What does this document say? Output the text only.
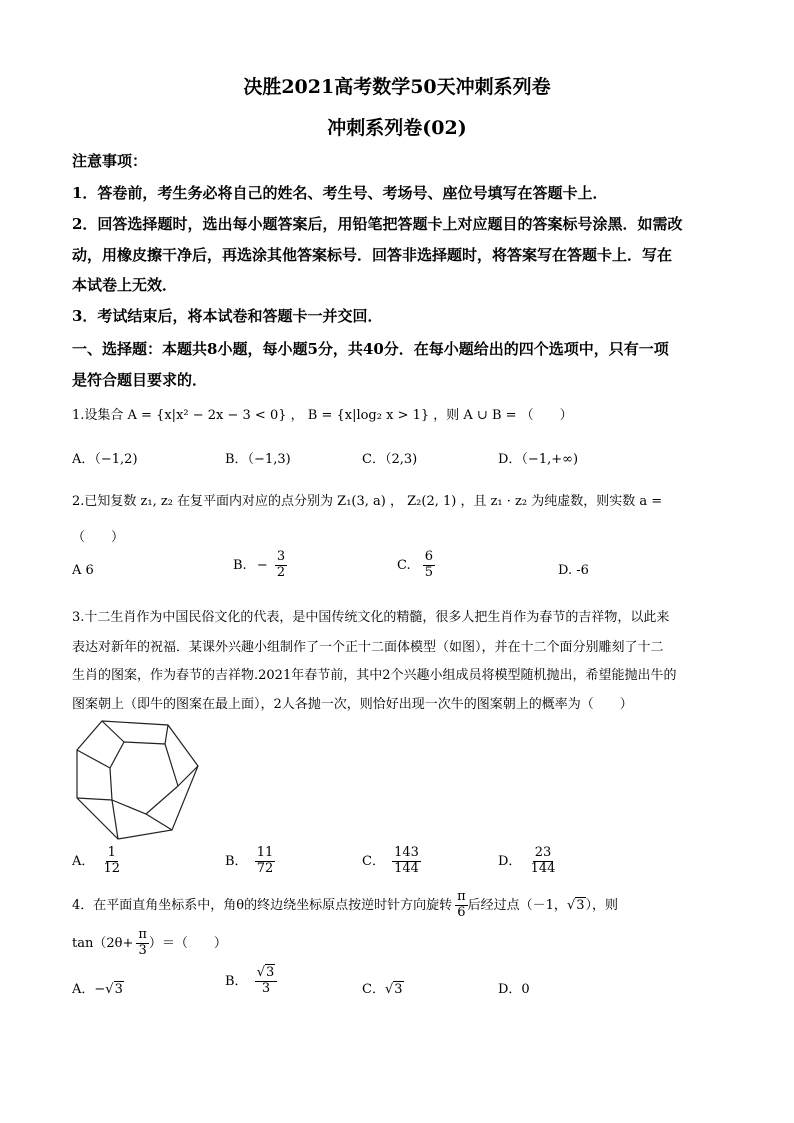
决胜2021高考数学50天冲刺系列卷
冲刺系列卷(02)
注意事项：
1．答卷前，考生务必将自己的姓名、考生号、考场号、座位号填写在答题卡上．
2．回答选择题时，选出每小题答案后，用铅笔把答题卡上对应题目的答案标号涂黑．如需改
动，用橡皮擦干净后，再选涂其他答案标号．回答非选择题时，将答案写在答题卡上．写在
本试卷上无效．
3．考试结束后，将本试卷和答题卡一并交回．
一、选择题：本题共8小题，每小题5分，共40分．在每小题给出的四个选项中，只有一项
是符合题目要求的．
1.设集合 A = {x|x² − 2x − 3 < 0} ， B = {x|log₂ x > 1} ，则 A ∪ B = （　　）
A．（−1,2)	B．（−1,3)	C．（2,3)	D．（−1,+∞)
2.已知复数 z₁, z₂ 在复平面内对应的点分别为 Z₁(3, a) ， Z₂(2, 1) ，且 z₁ · z₂ 为纯虚数，则实数 a =
（　　）
A 6	B. − $\frac{3}{2}$	C. $\frac{6}{5}$	D. -6
3.十二生肖作为中国民俗文化的代表，是中国传统文化的精髓，很多人把生肖作为春节的吉祥物，以此来
表达对新年的祝福．某课外兴趣小组制作了一个正十二面体模型（如图），并在十二个面分别雕刻了十二
生肖的图案，作为春节的吉祥物.2021年春节前，其中2个兴趣小组成员将模型随机抛出，希望能抛出牛的
图案朝上（即牛的图案在最上面），2人各抛一次，则恰好出现一次牛的图案朝上的概率为（　　）
A． $\frac{1}{12}$	B． $\frac{11}{72}$	C． $\frac{143}{144}$	D． $\frac{23}{144}$
4．在平面直角坐标系中，角θ的终边绕坐标原点按逆时针方向旋转 $\frac{\pi}{6}$ 后经过点（－1，√3），则
$\tan(2\theta+ \frac{\pi}{3}$ ）＝（　　）
A．−√3
B． $\frac{√3}{3}$	C．√3	D．0
